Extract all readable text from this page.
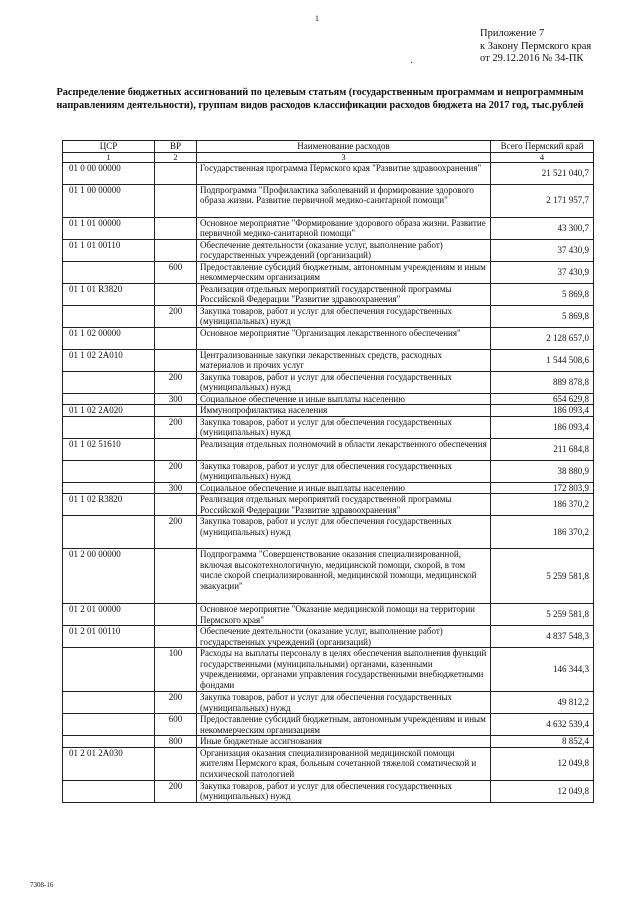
1
Приложение 7
к Закону Пермского края
от 29.12.2016 № 34-ПК
·
Распределение бюджетных ассигнований по целевым статьям (государственным программам и непрограммным направлениям деятельности), группам видов расходов классификации расходов бюджета на 2017 год, тыс.рублей
ЦСР	ВР	Наименование расходов	Всего Пермский край
1	2	3	4
01 0 00 00000		Государственная программа Пермского края "Развитие здравоохранения"	21 521 040,7
01 1 00 00000		Подпрограмма "Профилактика заболеваний и формирование здорового образа жизни. Развитие первичной медико-санитарной помощи"	2 171 957,7
01 1 01 00000		Основное мероприятие "Формирование здорового образа жизни. Развитие первичной медико-санитарной помощи"	43 300,7
01 1 01 00110		Обеспечение деятельности (оказание услуг, выполнение работ) государственных учреждений (организаций)	37 430,9
	600	Предоставление субсидий бюджетным, автономным учреждениям и иным некоммерческим организациям	37 430,9
01 1 01 R3820		Реализация отдельных мероприятий государственной программы Российской Федерации "Развитие здравоохранения"	5 869,8
	200	Закупка товаров, работ и услуг для обеспечения государственных (муниципальных) нужд	5 869,8
01 1 02 00000		Основное мероприятие "Организация лекарственного обеспечения"	2 128 657,0
01 1 02 2A010		Централизованные закупки лекарственных средств, расходных материалов и прочих услуг	1 544 508,6
	200	Закупка товаров, работ и услуг для обеспечения государственных (муниципальных) нужд	889 878,8
	300	Социальное обеспечение и иные выплаты населению	654 629,8
01 1 02 2A020		Иммунопрофилактика населения	186 093,4
	200	Закупка товаров, работ и услуг для обеспечения государственных (муниципальных) нужд	186 093,4
01 1 02 51610		Реализация отдельных полномочий в области лекарственного обеспечения	211 684,8
	200	Закупка товаров, работ и услуг для обеспечения государственных (муниципальных) нужд	38 880,9
	300	Социальное обеспечение и иные выплаты населению	172 803,9
01 1 02 R3820		Реализация отдельных мероприятий государственной программы Российской Федерации "Развитие здравоохранения"	186 370,2
	200	Закупка товаров, работ и услуг для обеспечения государственных (муниципальных) нужд	186 370,2
01 2 00 00000		Подпрограмма "Совершенствование оказания специализированной, включая высокотехнологичную, медицинской помощи, скорой, в том числе скорой специализированной, медицинской помощи, медицинской эвакуации"	5 259 581,8
01 2 01 00000		Основное мероприятие "Оказание медицинской помощи на территории Пермского края"	5 259 581,8
01 2 01 00110		Обеспечение деятельности (оказание услуг, выполнение работ) государственных учреждений (организаций)	4 837 548,3
	100	Расходы на выплаты персоналу в целях обеспечения выполнения функций государственными (муниципальными) органами, казенными учреждениями, органами управления государственными внебюджетными фондами	146 344,3
	200	Закупка товаров, работ и услуг для обеспечения государственных (муниципальных) нужд	49 812,2
	600	Предоставление субсидий бюджетным, автономным учреждениям и иным некоммерческим организациям	4 632 539,4
	800	Иные бюджетные ассигнования	8 852,4
01 2 01 2A030		Организация оказания специализированной медицинской помощи жителям Пермского края, больным сочетанной тяжелой соматической и психической патологией	12 049,8
	200	Закупка товаров, работ и услуг для обеспечения государственных (муниципальных) нужд	12 049,8
7308-16
